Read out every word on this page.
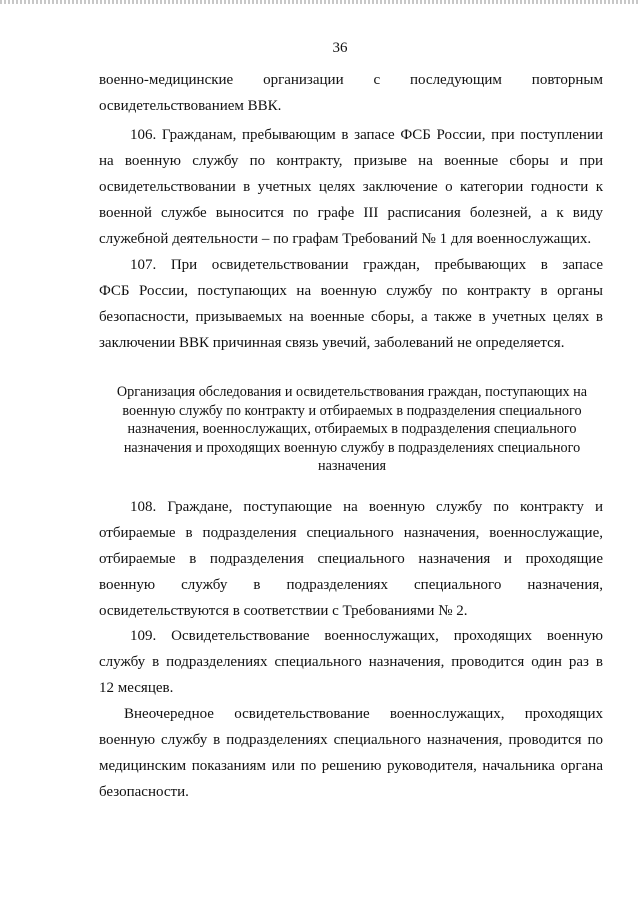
36
военно-медицинские организации с последующим повторным
освидетельствованием ВВК.
106. Гражданам, пребывающим в запасе ФСБ России, при поступлении
на военную службу по контракту, призыве на военные сборы и при
освидетельствовании в учетных целях заключение о категории годности к
военной службе выносится по графе III расписания болезней, а к виду
служебной деятельности – по графам Требований № 1 для военнослужащих.
107. При освидетельствовании граждан, пребывающих в запасе
ФСБ России, поступающих на военную службу по контракту в органы
безопасности, призываемых на военные сборы, а также в учетных целях в
заключении ВВК причинная связь увечий, заболеваний не определяется.
Организация обследования и освидетельствования граждан, поступающих на
военную службу по контракту и отбираемых в подразделения специального
назначения, военнослужащих, отбираемых в подразделения специального
назначения и проходящих военную службу в подразделениях специального
назначения
108. Граждане, поступающие на военную службу по контракту и
отбираемые в подразделения специального назначения, военнослужащие,
отбираемые в подразделения специального назначения и проходящие
военную службу в подразделениях специального назначения,
освидетельствуются в соответствии с Требованиями № 2.
109. Освидетельствование военнослужащих, проходящих военную
службу в подразделениях специального назначения, проводится один раз в
12 месяцев.
Внеочередное освидетельствование военнослужащих, проходящих
военную службу в подразделениях специального назначения, проводится по
медицинским показаниям или по решению руководителя, начальника органа
безопасности.
